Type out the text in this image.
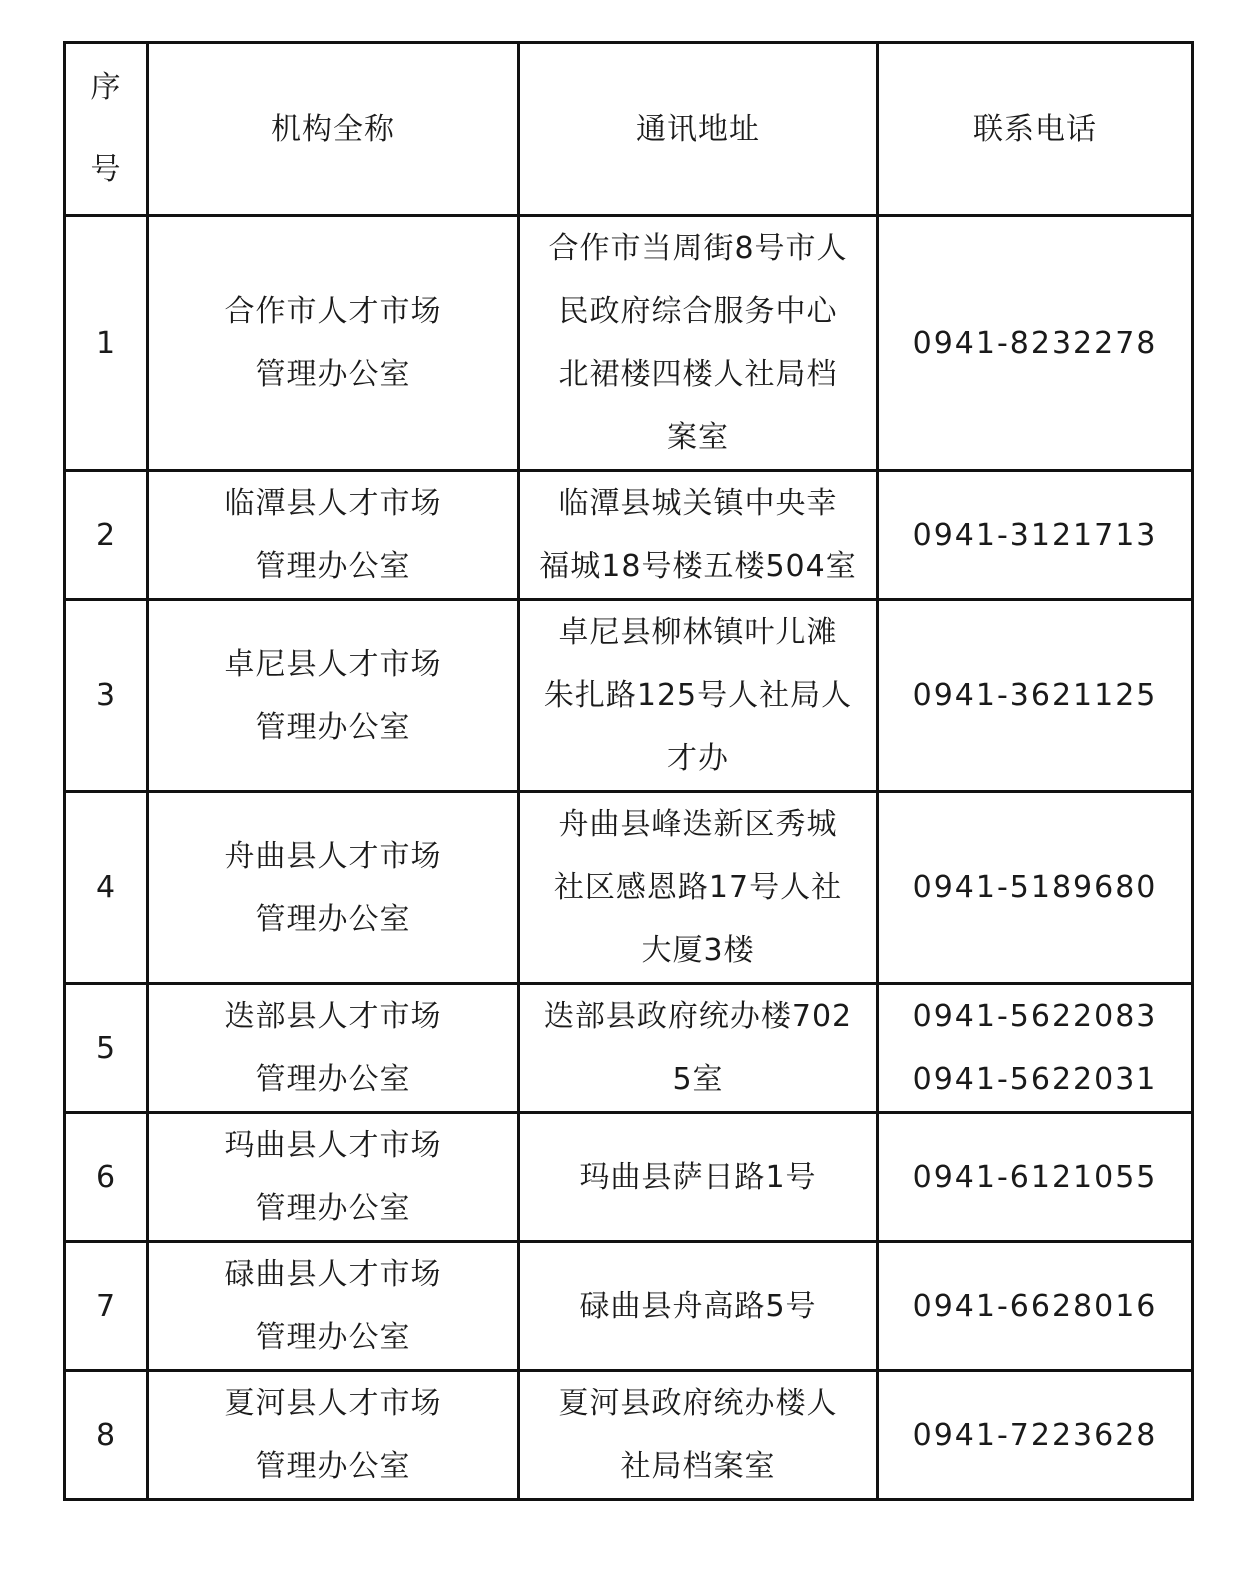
序
号	机构全称	通讯地址	联系电话
1	合作市人才市场
管理办公室	合作市当周街8号市人
民政府综合服务中心
北裙楼四楼人社局档
案室	0941-8232278

2	临潭县人才市场
管理办公室	临潭县城关镇中央幸
福城18号楼五楼504室	0941-3121713

3	卓尼县人才市场
管理办公室	卓尼县柳林镇叶儿滩
朱扎路125号人社局人
才办	0941-3621125

4	舟曲县人才市场
管理办公室	舟曲县峰迭新区秀城
社区感恩路17号人社
大厦3楼	0941-5189680

5	迭部县人才市场
管理办公室	迭部县政府统办楼702
5室	0941-5622083
0941-5622031

6	玛曲县人才市场
管理办公室	玛曲县萨日路1号	0941-6121055

7	碌曲县人才市场
管理办公室	碌曲县舟高路5号	0941-6628016

8	夏河县人才市场
管理办公室	夏河县政府统办楼人
社局档案室	0941-7223628
